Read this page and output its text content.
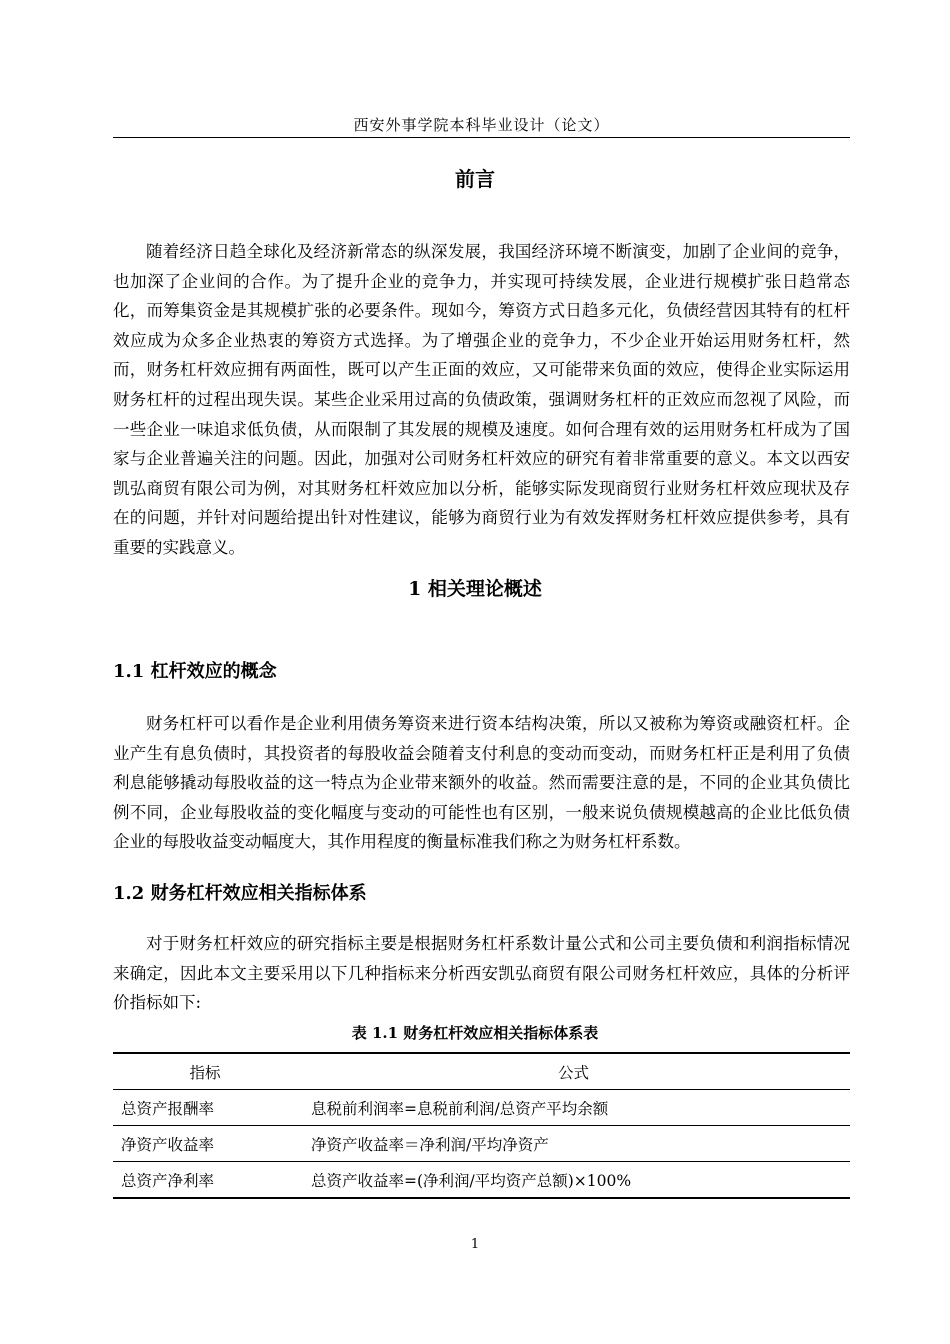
西安外事学院本科毕业设计（论文）
前言

随着经济日趋全球化及经济新常态的纵深发展，我国经济环境不断演变，加剧了企业间的竞争，也加深了企业间的合作。为了提升企业的竞争力，并实现可持续发展，企业进行规模扩张日趋常态化，而筹集资金是其规模扩张的必要条件。现如今，筹资方式日趋多元化，负债经营因其特有的杠杆效应成为众多企业热衷的筹资方式选择。为了增强企业的竞争力，不少企业开始运用财务杠杆，然而，财务杠杆效应拥有两面性，既可以产生正面的效应，又可能带来负面的效应，使得企业实际运用财务杠杆的过程出现失误。某些企业采用过高的负债政策，强调财务杠杆的正效应而忽视了风险，而一些企业一味追求低负债，从而限制了其发展的规模及速度。如何合理有效的运用财务杠杆成为了国家与企业普遍关注的问题。因此，加强对公司财务杠杆效应的研究有着非常重要的意义。本文以西安凯弘商贸有限公司为例，对其财务杠杆效应加以分析，能够实际发现商贸行业财务杠杆效应现状及存在的问题，并针对问题给提出针对性建议，能够为商贸行业为有效发挥财务杠杆效应提供参考，具有重要的实践意义。

1 相关理论概述
1.1 杠杆效应的概念

财务杠杆可以看作是企业利用债务筹资来进行资本结构决策，所以又被称为筹资或融资杠杆。企业产生有息负债时，其投资者的每股收益会随着支付利息的变动而变动，而财务杠杆正是利用了负债利息能够撬动每股收益的这一特点为企业带来额外的收益。然而需要注意的是，不同的企业其负债比例不同，企业每股收益的变化幅度与变动的可能性也有区别，一般来说负债规模越高的企业比低负债企业的每股收益变动幅度大，其作用程度的衡量标准我们称之为财务杠杆系数。

1.2 财务杠杆效应相关指标体系

对于财务杠杆效应的研究指标主要是根据财务杠杆系数计量公式和公司主要负债和利润指标情况来确定，因此本文主要采用以下几种指标来分析西安凯弘商贸有限公司财务杠杆效应，具体的分析评价指标如下:

表 1.1 财务杠杆效应相关指标体系表
指标	公式
总资产报酬率	息税前利润率=息税前利润/总资产平均余额
净资产收益率	净资产收益率＝净利润/平均净资产
总资产净利率	总资产收益率=(净利润/平均资产总额)×100%
1
